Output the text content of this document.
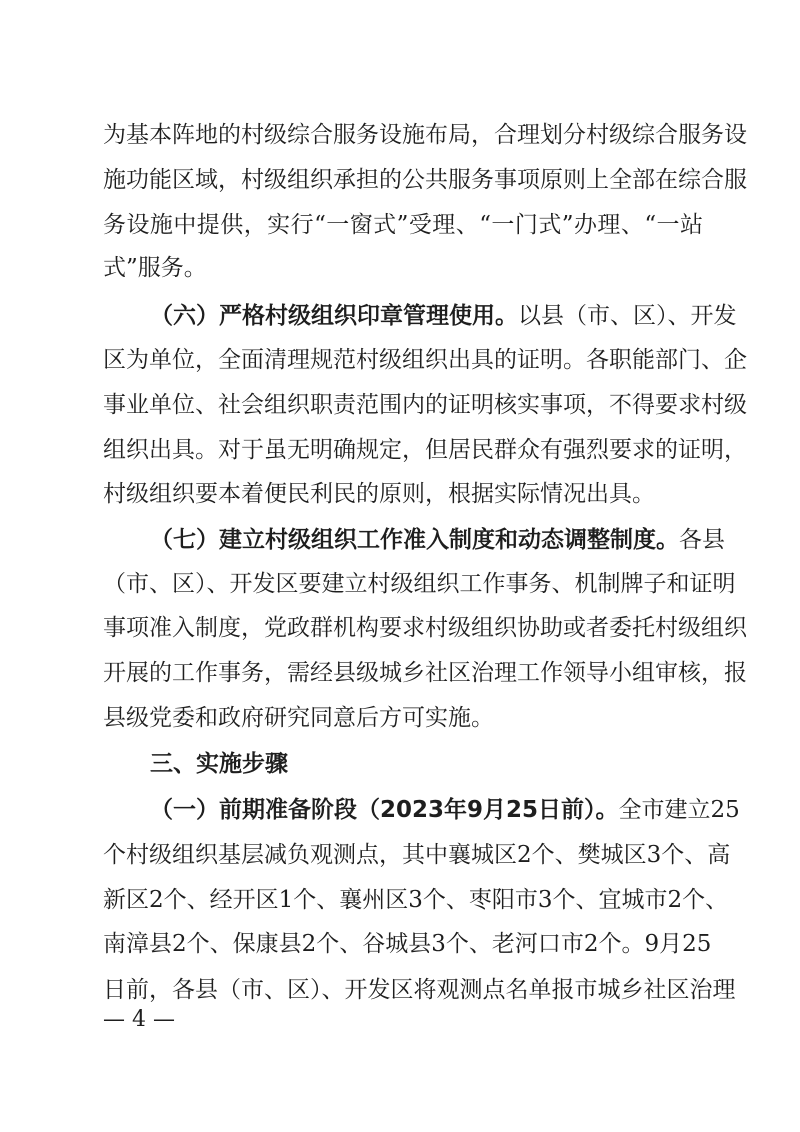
为基本阵地的村级综合服务设施布局，合理划分村级综合服务设
施功能区域，村级组织承担的公共服务事项原则上全部在综合服
务设施中提供，实行“一窗式”受理、“一门式”办理、“一站
式”服务。
（六）严格村级组织印章管理使用。以县（市、区）、开发
区为单位，全面清理规范村级组织出具的证明。各职能部门、企
事业单位、社会组织职责范围内的证明核实事项，不得要求村级
组织出具。对于虽无明确规定，但居民群众有强烈要求的证明，
村级组织要本着便民利民的原则，根据实际情况出具。
（七）建立村级组织工作准入制度和动态调整制度。各县
（市、区）、开发区要建立村级组织工作事务、机制牌子和证明
事项准入制度，党政群机构要求村级组织协助或者委托村级组织
开展的工作事务，需经县级城乡社区治理工作领导小组审核，报
县级党委和政府研究同意后方可实施。
三、实施步骤
（一）前期准备阶段（2023年9月25日前）。全市建立25
个村级组织基层减负观测点，其中襄城区2个、樊城区3个、高
新区2个、经开区1个、襄州区3个、枣阳市3个、宜城市2个、
南漳县2个、保康县2个、谷城县3个、老河口市2个。9月25
日前，各县（市、区）、开发区将观测点名单报市城乡社区治理
— 4 —
